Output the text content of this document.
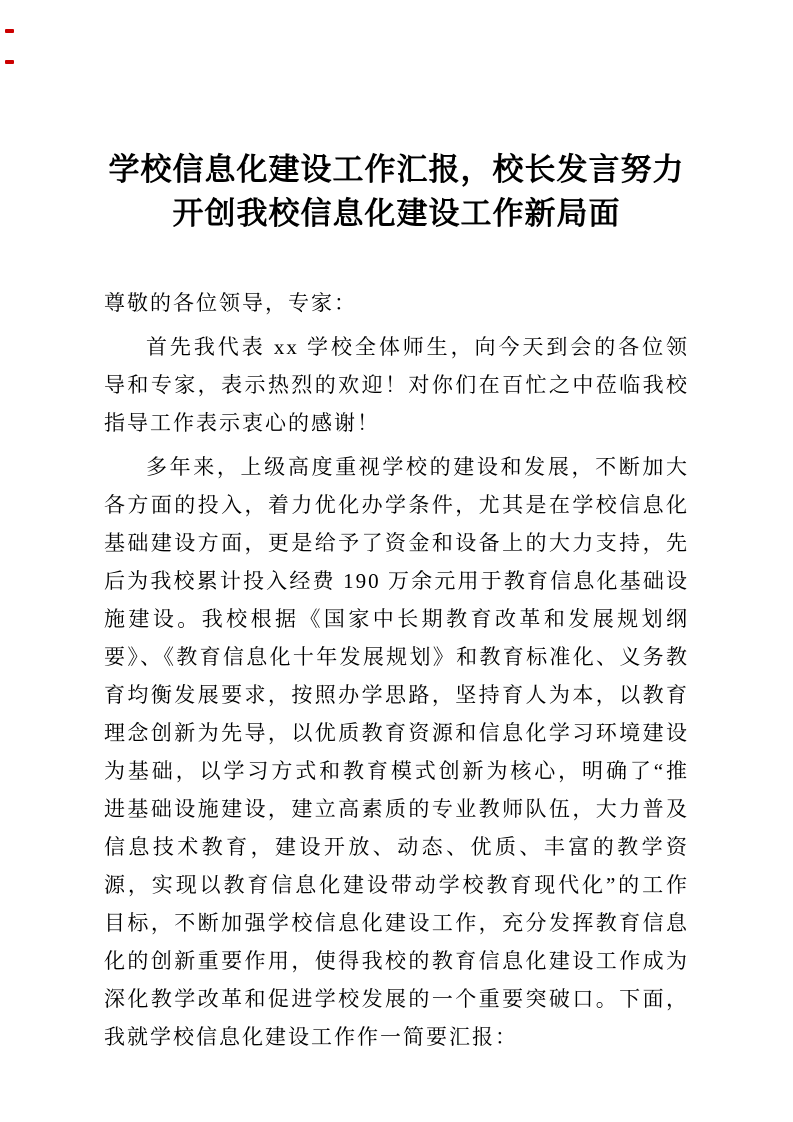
学校信息化建设工作汇报，校长发言努力
开创我校信息化建设工作新局面

尊敬的各位领导，专家：

首先我代表 xx 学校全体师生，向今天到会的各位领导和专家，表示热烈的欢迎！对你们在百忙之中莅临我校指导工作表示衷心的感谢！

多年来，上级高度重视学校的建设和发展，不断加大各方面的投入，着力优化办学条件，尤其是在学校信息化基础建设方面，更是给予了资金和设备上的大力支持，先后为我校累计投入经费 190 万余元用于教育信息化基础设施建设。我校根据《国家中长期教育改革和发展规划纲要》、《教育信息化十年发展规划》和教育标准化、义务教育均衡发展要求，按照办学思路，坚持育人为本，以教育理念创新为先导，以优质教育资源和信息化学习环境建设为基础，以学习方式和教育模式创新为核心，明确了“推进基础设施建设，建立高素质的专业教师队伍，大力普及信息技术教育，建设开放、动态、优质、丰富的教学资源，实现以教育信息化建设带动学校教育现代化”的工作目标，不断加强学校信息化建设工作，充分发挥教育信息化的创新重要作用，使得我校的教育信息化建设工作成为深化教学改革和促进学校发展的一个重要突破口。下面，我就学校信息化建设工作作一简要汇报：
